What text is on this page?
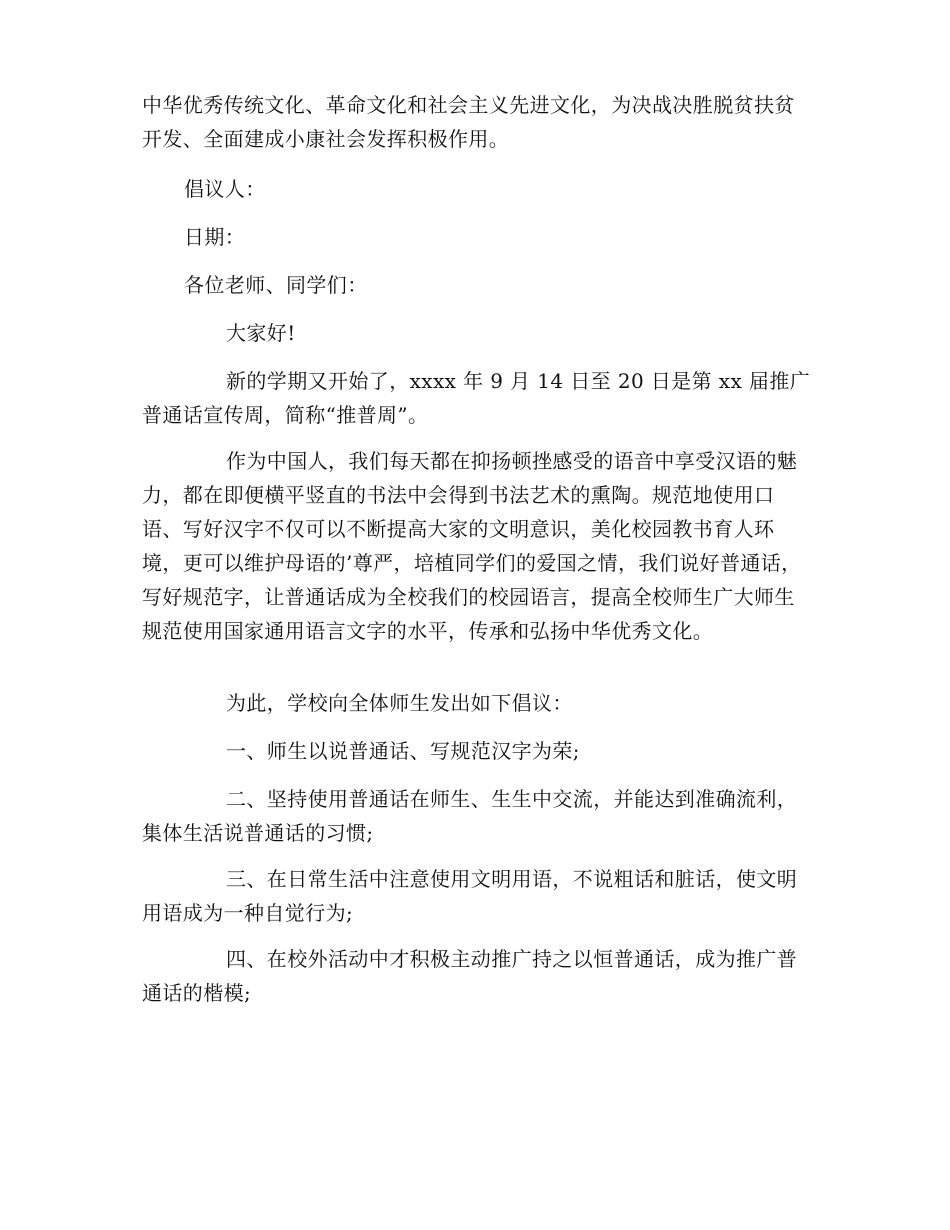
中华优秀传统文化、革命文化和社会主义先进文化，为决战决胜脱贫扶贫开发、全面建成小康社会发挥积极作用。

倡议人：

日期：

各位老师、同学们：

大家好!

新的学期又开始了，xxxx 年 9 月 14 日至 20 日是第 xx 届推广普通话宣传周，简称“推普周”。

作为中国人，我们每天都在抑扬顿挫感受的语音中享受汉语的魅力，都在即便横平竖直的书法中会得到书法艺术的熏陶。规范地使用口语、写好汉字不仅可以不断提高大家的文明意识，美化校园教书育人环境，更可以维护母语的’尊严，培植同学们的爱国之情，我们说好普通话，写好规范字，让普通话成为全校我们的校园语言，提高全校师生广大师生规范使用国家通用语言文字的水平，传承和弘扬中华优秀文化。

为此，学校向全体师生发出如下倡议：

一、师生以说普通话、写规范汉字为荣;

二、坚持使用普通话在师生、生生中交流，并能达到准确流利，集体生活说普通话的习惯;

三、在日常生活中注意使用文明用语，不说粗话和脏话，使文明用语成为一种自觉行为;

四、在校外活动中才积极主动推广持之以恒普通话，成为推广普通话的楷模;
